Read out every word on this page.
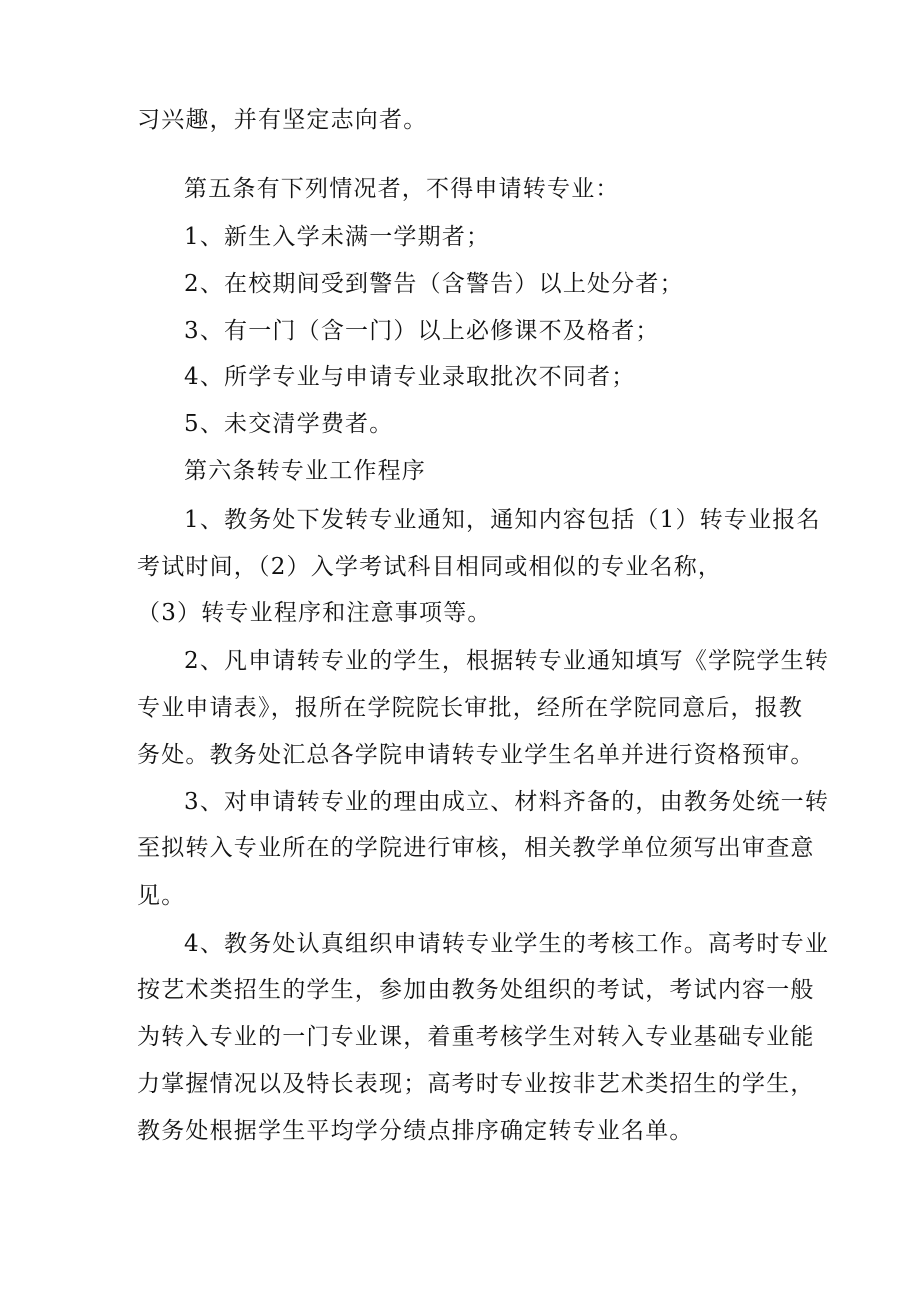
习兴趣，并有坚定志向者。
第五条有下列情况者，不得申请转专业：
1、新生入学未满一学期者；
2、在校期间受到警告（含警告）以上处分者；
3、有一门（含一门）以上必修课不及格者；
4、所学专业与申请专业录取批次不同者；
5、未交清学费者。
第六条转专业工作程序
1、教务处下发转专业通知，通知内容包括（1）转专业报名
考试时间，（2）入学考试科目相同或相似的专业名称，
（3）转专业程序和注意事项等。
2、凡申请转专业的学生，根据转专业通知填写《学院学生转
专业申请表》，报所在学院院长审批，经所在学院同意后，报教
务处。教务处汇总各学院申请转专业学生名单并进行资格预审。
3、对申请转专业的理由成立、材料齐备的，由教务处统一转
至拟转入专业所在的学院进行审核，相关教学单位须写出审查意
见。
4、教务处认真组织申请转专业学生的考核工作。高考时专业
按艺术类招生的学生，参加由教务处组织的考试，考试内容一般
为转入专业的一门专业课，着重考核学生对转入专业基础专业能
力掌握情况以及特长表现；高考时专业按非艺术类招生的学生，
教务处根据学生平均学分绩点排序确定转专业名单。
